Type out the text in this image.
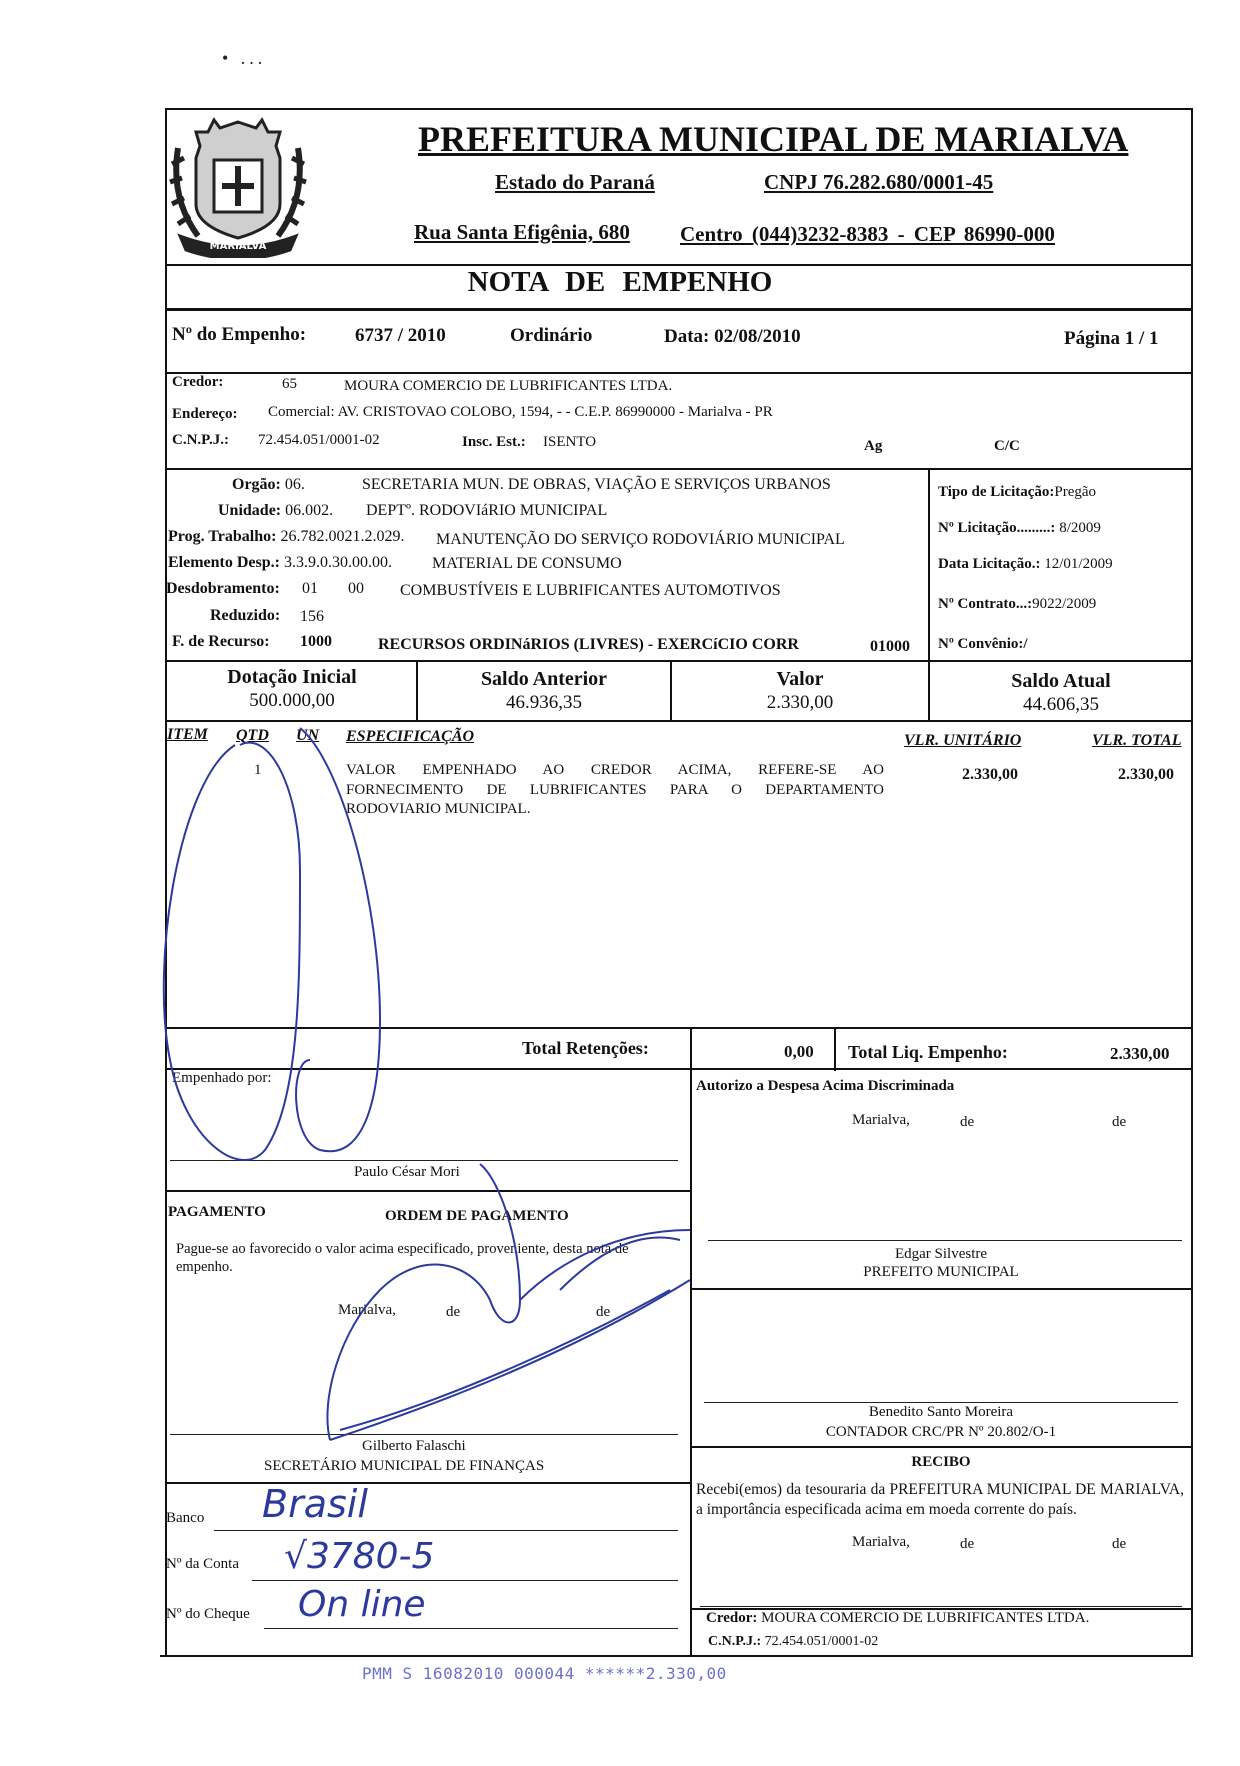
• ...
MARIALVA
PREFEITURA MUNICIPAL DE MARIALVA
Estado do Paraná	CNPJ 76.282.680/0001-45
Rua Santa Efigênia, 680 Centro (044)3232-8383 - CEP 86990-000
NOTA DE EMPENHO
Nº do Empenho:	6737 / 2010	Ordinário	Data: 02/08/2010	Página 1 / 1
Credor:	65	MOURA COMERCIO DE LUBRIFICANTES LTDA.
Endereço: Comercial: AV. CRISTOVAO COLOBO, 1594, - - C.E.P. 86990000 - Marialva - PR
C.N.P.J.: 72.454.051/0001-02	Insc. Est.: ISENTO	Ag	C/C
Orgão: 06.	SECRETARIA MUN. DE OBRAS, VIAÇÃO E SERVIÇOS URBANOS
Unidade: 06.002. DEPTº. RODOVIáRIO MUNICIPAL
Prog. Trabalho: 26.782.0021.2.029. MANUTENÇÃO DO SERVIÇO RODOVIÁRIO MUNICIPAL
Elemento Desp.: 3.3.9.0.30.00.00.	MATERIAL DE CONSUMO
Desdobramento: 01 00 COMBUSTÍVEIS E LUBRIFICANTES AUTOMOTIVOS
Reduzido: 156
F. de Recurso: 1000	RECURSOS ORDINáRIOS (LIVRES) - EXERCíCIO CORR	01000
Tipo de Licitação:Pregão
Nº Licitação.........: 8/2009
Data Licitação.: 12/01/2009
Nº Contrato...:9022/2009
Nº Convênio:/
Dotação Inicial
500.000,00
Saldo Anterior
46.936,35
Valor
2.330,00
Saldo Atual
44.606,35
ITEM QTD UN ESPECIFICAÇÃO	VLR. UNITÁRIO	VLR. TOTAL
1	VALOR EMPENHADO AO CREDOR ACIMA, REFERE-SE AO
FORNECIMENTO DE LUBRIFICANTES PARA O DEPARTAMENTO
RODOVIARIO MUNICIPAL.
2.330,00	2.330,00
Total Retenções:	0,00 Total Liq. Empenho:	2.330,00
Empenhado por:
Paulo César Mori
Autorizo a Despesa Acima Discriminada
Marialva,	de	de
Edgar Silvestre
PREFEITO MUNICIPAL
PAGAMENTO	ORDEM DE PAGAMENTO
Pague-se ao favorecido o valor acima especificado, proveniente, desta nota de empenho.
Marialva,	de	de
Gilberto Falaschi
SECRETÁRIO MUNICIPAL DE FINANÇAS
Benedito Santo Moreira
CONTADOR CRC/PR Nº 20.802/O-1
Banco Brasil
Nº da Conta √3780-5
Nº do Cheque On line
RECIBO
Recebi(emos) da tesouraria da PREFEITURA MUNICIPAL DE MARIALVA, a importância especificada acima em moeda corrente do país.
Marialva,	de	de
Credor: MOURA COMERCIO DE LUBRIFICANTES LTDA.
C.N.P.J.: 72.454.051/0001-02
PMM S 16082010 000044 ******2.330,00
